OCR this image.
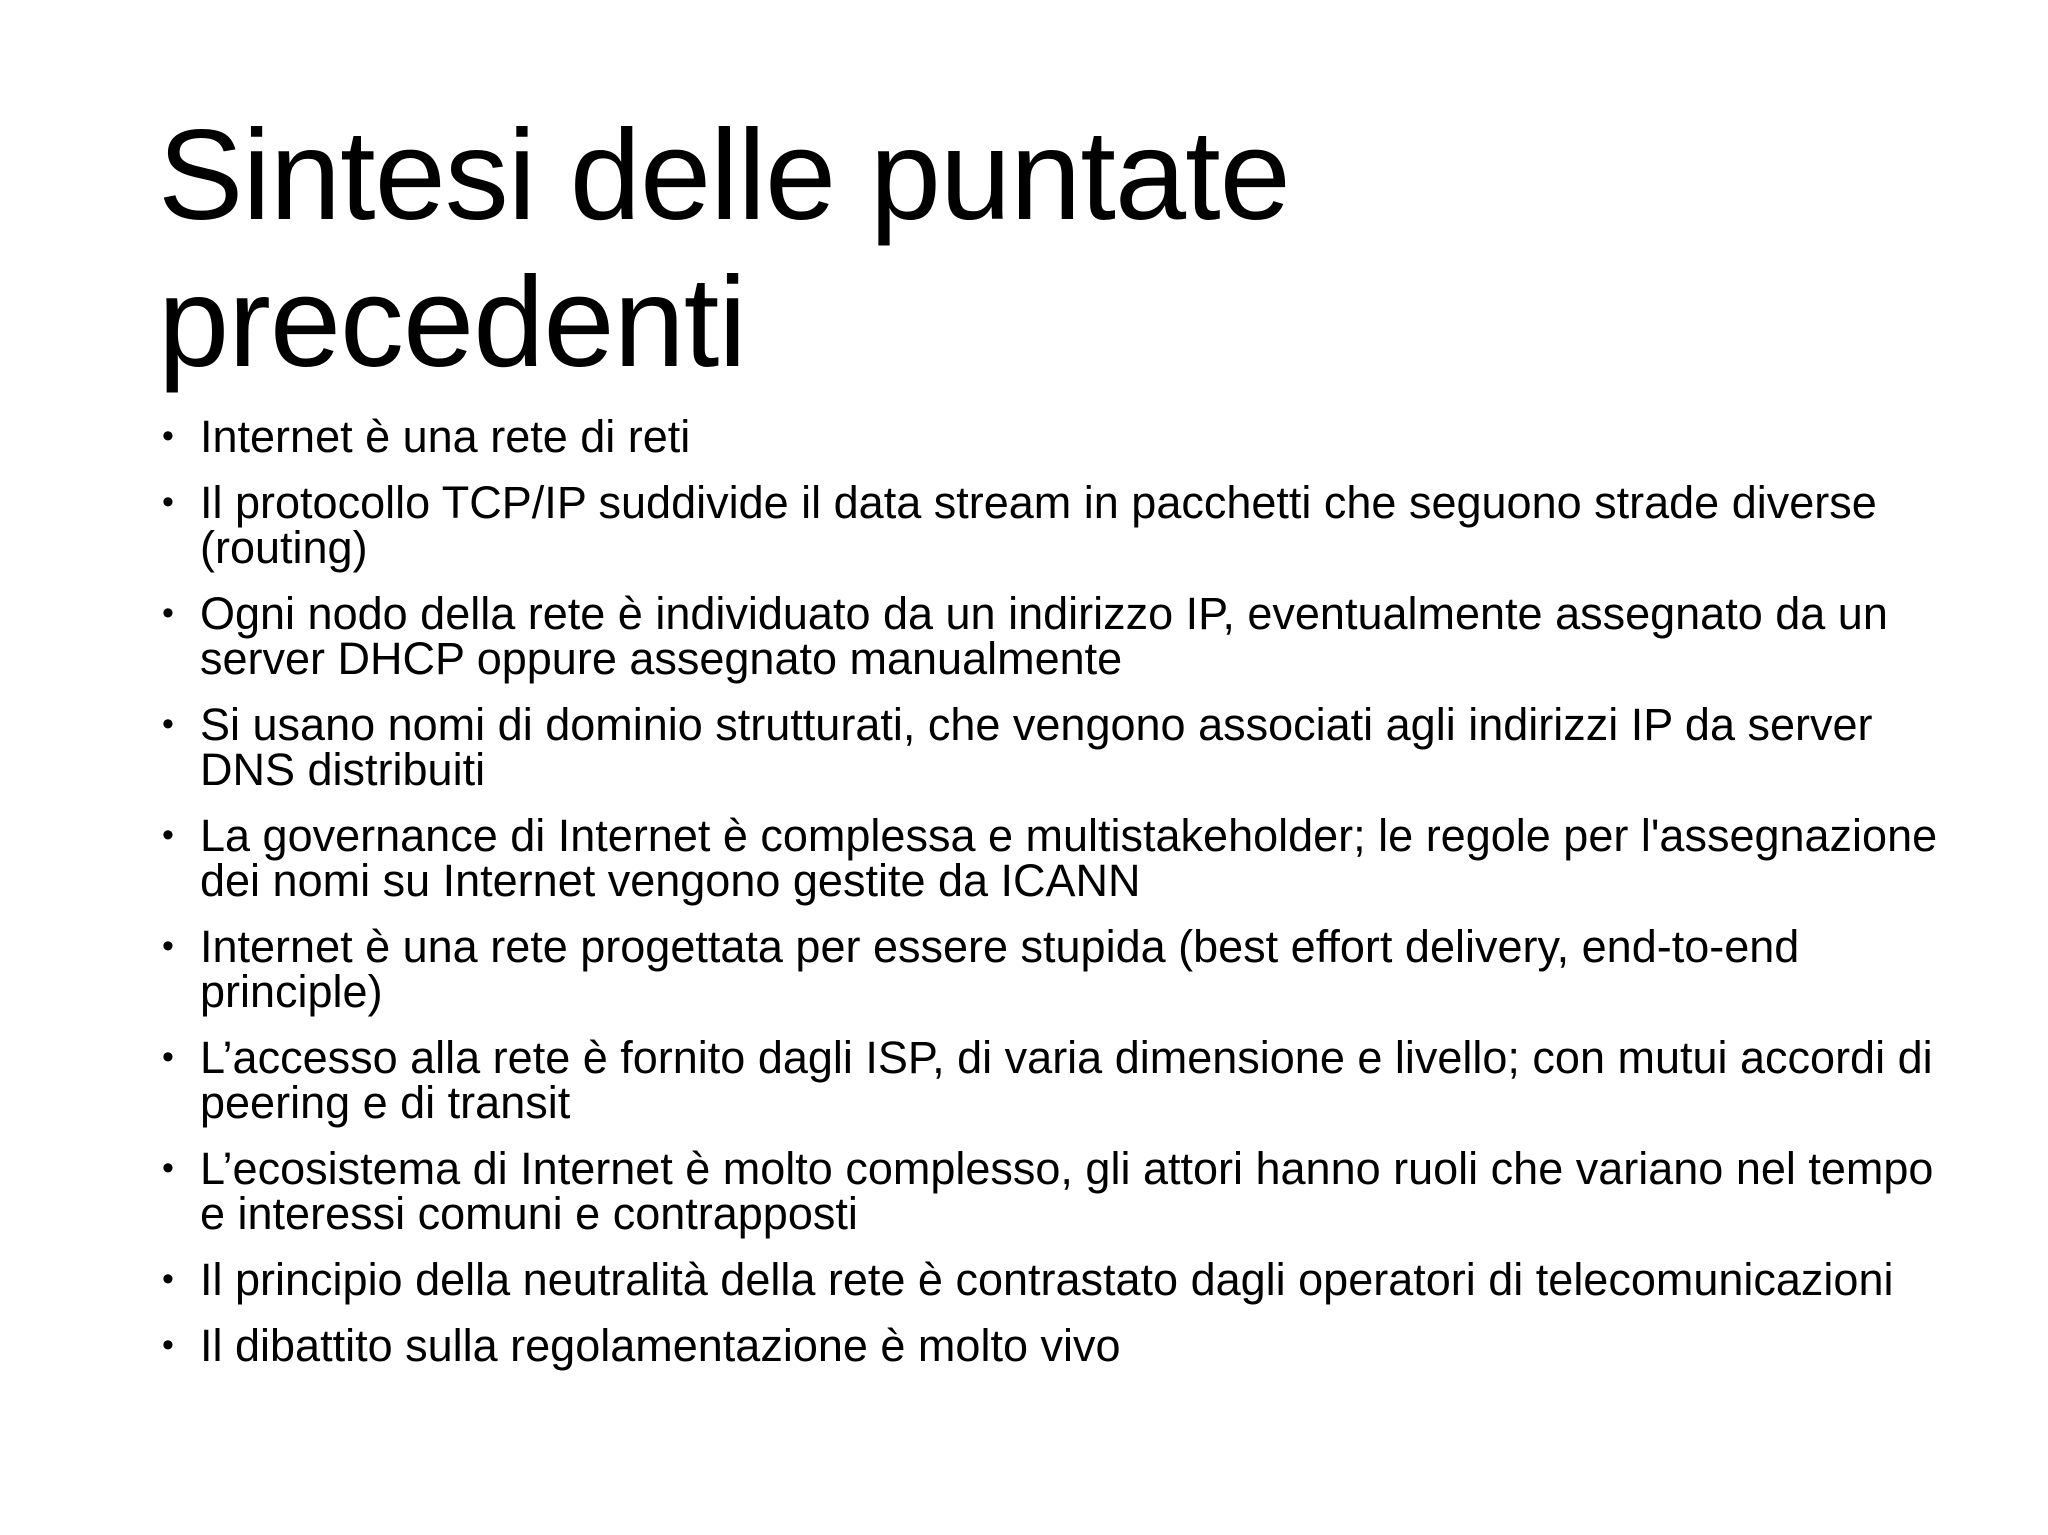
Sintesi delle puntate precedenti
• Internet è una rete di reti
• Il protocollo TCP/IP suddivide il data stream in pacchetti che seguono strade diverse (routing)
• Ogni nodo della rete è individuato da un indirizzo IP, eventualmente assegnato da un server DHCP oppure assegnato manualmente
• Si usano nomi di dominio strutturati, che vengono associati agli indirizzi IP da server DNS distribuiti
• La governance di Internet è complessa e multistakeholder; le regole per l'assegnazione dei nomi su Internet vengono gestite da ICANN
• Internet è una rete progettata per essere stupida (best effort delivery, end-to-end principle)
• L’accesso alla rete è fornito dagli ISP, di varia dimensione e livello; con mutui accordi di peering e di transit
• L’ecosistema di Internet è molto complesso, gli attori hanno ruoli che variano nel tempo e interessi comuni e contrapposti
• Il principio della neutralità della rete è contrastato dagli operatori di telecomunicazioni
• Il dibattito sulla regolamentazione è molto vivo
